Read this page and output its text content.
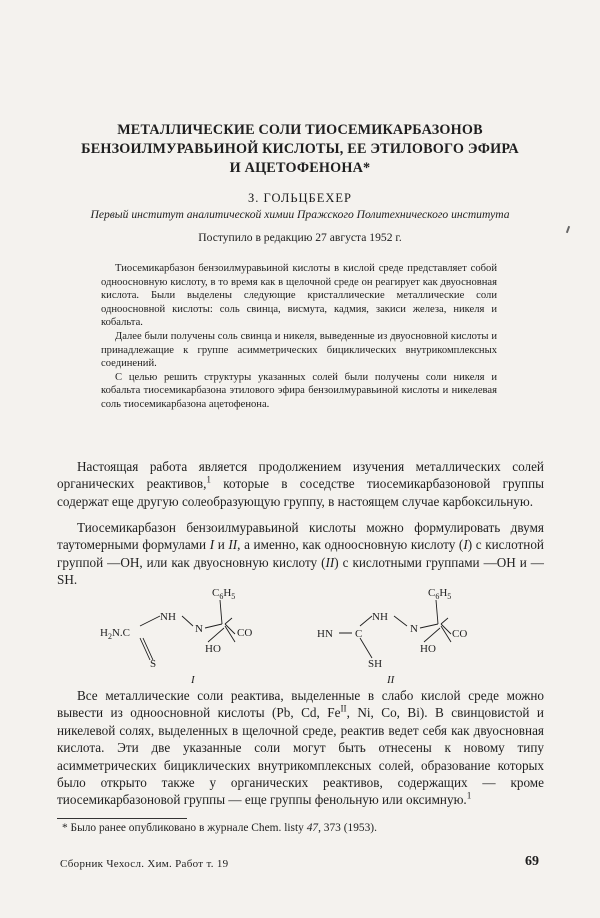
МЕТАЛЛИЧЕСКИЕ СОЛИ ТИОСЕМИКАРБАЗОНОВ
БЕНЗОИЛМУРАВЬИНОЙ КИСЛОТЫ, ЕЕ ЭТИЛОВОГО ЭФИРА
И АЦЕТОФЕНОНА*
З. ГОЛЬЦБЕХЕР
Первый институт аналитической химии Пражского Политехнического института
Поступило в редакцию 27 августа 1952 г.

Тиосемикарбазон бензоилмуравьиной кислоты в кислой среде представляет собой одноосновную кислоту, в то время как в щелочной среде он реагирует как двуосновная кислота. Были выделены следующие кристаллические металлические соли одноосновной кислоты: соль свинца, висмута, кадмия, закиси железа, никеля и кобальта.

Далее были получены соль свинца и никеля, выведенные из двуосновной кислоты и принадлежащие к группе асимметрических бициклических внутрикомплексных соединений.

С целью решить структуры указанных солей были получены соли никеля и кобальта тиосемикарбазона этилового эфира бензоилмуравьиной кислоты и никелевая соль тиосемикарбазона ацетофенона.

Настоящая работа является продолжением изучения металлических солей органических реактивов,$^1$ которые в соседстве тиосемикарбазоновой группы содержат еще другую солеобразующую группу, в настоящем случае карбоксильную.

Тиосемикарбазон бензоилмуравьиной кислоты можно формулировать двумя таутомерными формулами I и II, а именно, как одноосновную кислоту (I) с кислотной группой —OH, или как двуосновную кислоту (II) с кислотными группами —OH и —SH.

$C_6H_5$
NH
$H_2N.C$	N	CO
S
HO
I
$C_6H_5$
NH
HN C	N	CO
SH
HO
II

Все металлические соли реактива, выделенные в слабо кислой среде можно вывести из одноосновной кислоты (Pb, Cd, $Fe^{II}$, Ni, Co, Bi). В свинцовистой и никелевой солях, выделенных в щелочной среде, реактив ведет себя как двуосновная кислота. Эти две указанные соли могут быть отнесены к новому типу асимметрических бициклических внутрикомплексных солей, образование которых было открыто также у органических реактивов, содержащих — кроме тиосемикарбазоновой группы — еще группы фенольную или оксимную.$^1$

* Было ранее опубликовано в журнале Chem. listy 47, 373 (1953).
Сборник Чехосл. Хим. Работ т. 19	69
